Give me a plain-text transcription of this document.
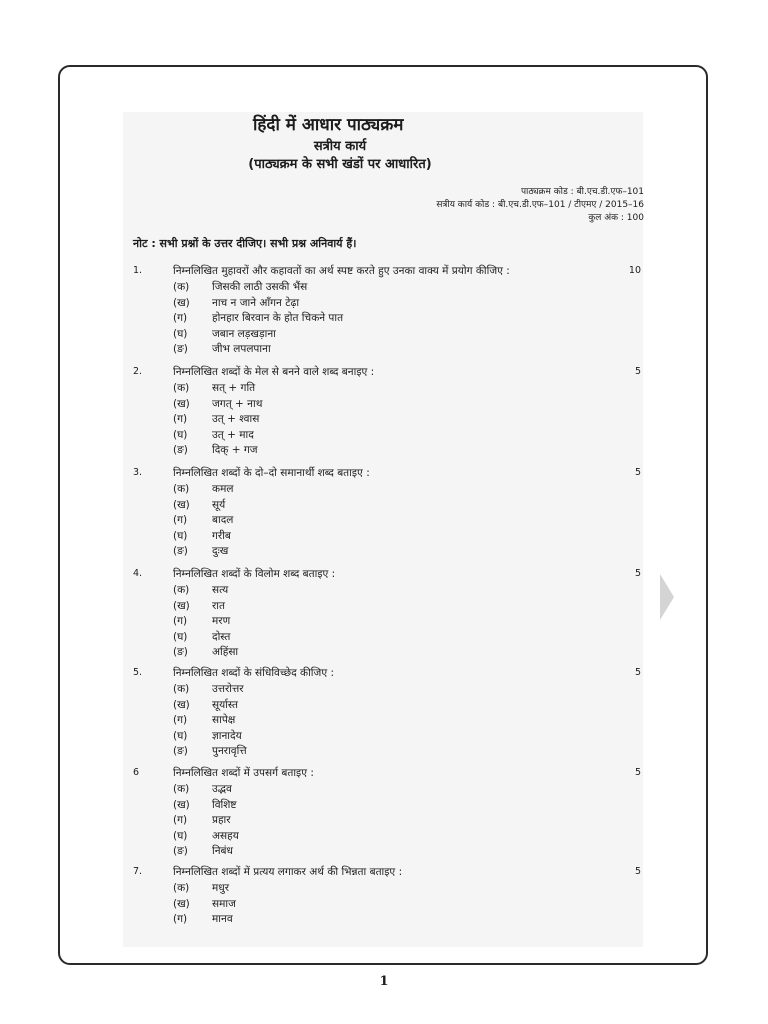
हिंदी में आधार पाठ्यक्रम
सत्रीय कार्य
(पाठ्यक्रम के सभी खंडों पर आधारित)
पाठ्यक्रम कोड : बी.एच.डी.एफ–101
सत्रीय कार्य कोड : बी.एच.डी.एफ–101 / टीएमए / 2015–16
कुल अंक : 100
नोट : सभी प्रश्नों के उत्तर दीजिए। सभी प्रश्न अनिवार्य हैं।
1.	निम्नलिखित मुहावरों और कहावतों का अर्थ स्पष्ट करते हुए उनका वाक्य में प्रयोग कीजिए :	10
(क) जिसकी लाठी उसकी भैंस
(ख) नाच न जाने आँगन टेढ़ा
(ग) होनहार बिरवान के होत चिकने पात
(घ) जबान लड़खड़ाना
(ङ) जीभ लपलपाना
2.	निम्नलिखित शब्दों के मेल से बनने वाले शब्द बनाइए :	5
(क) सत् + गति
(ख) जगत् + नाथ
(ग) उत् + श्वास
(घ) उत् + माद
(ङ) दिक् + गज
3.	निम्नलिखित शब्दों के दो–दो समानार्थी शब्द बताइए :	5
(क) कमल
(ख) सूर्य
(ग) बादल
(घ) गरीब
(ङ) दुःख
4.	निम्नलिखित शब्दों के विलोम शब्द बताइए :	5
(क) सत्य
(ख) रात
(ग) मरण
(घ) दोस्त
(ङ) अहिंसा
5.	निम्नलिखित शब्दों के संधिविच्छेद कीजिए :	5
(क) उत्तरोत्तर
(ख) सूर्यास्त
(ग) सापेक्ष
(घ) ज्ञानादेय
(ङ) पुनरावृत्ति
6	निम्नलिखित शब्दों में उपसर्ग बताइए :	5
(क) उद्भव
(ख) विशिष्ट
(ग) प्रहार
(घ) असहय
(ङ) निबंध
7.	निम्नलिखित शब्दों में प्रत्यय लगाकर अर्थ की भिन्नता बताइए :	5
(क) मधुर
(ख) समाज
(ग) मानव
1
